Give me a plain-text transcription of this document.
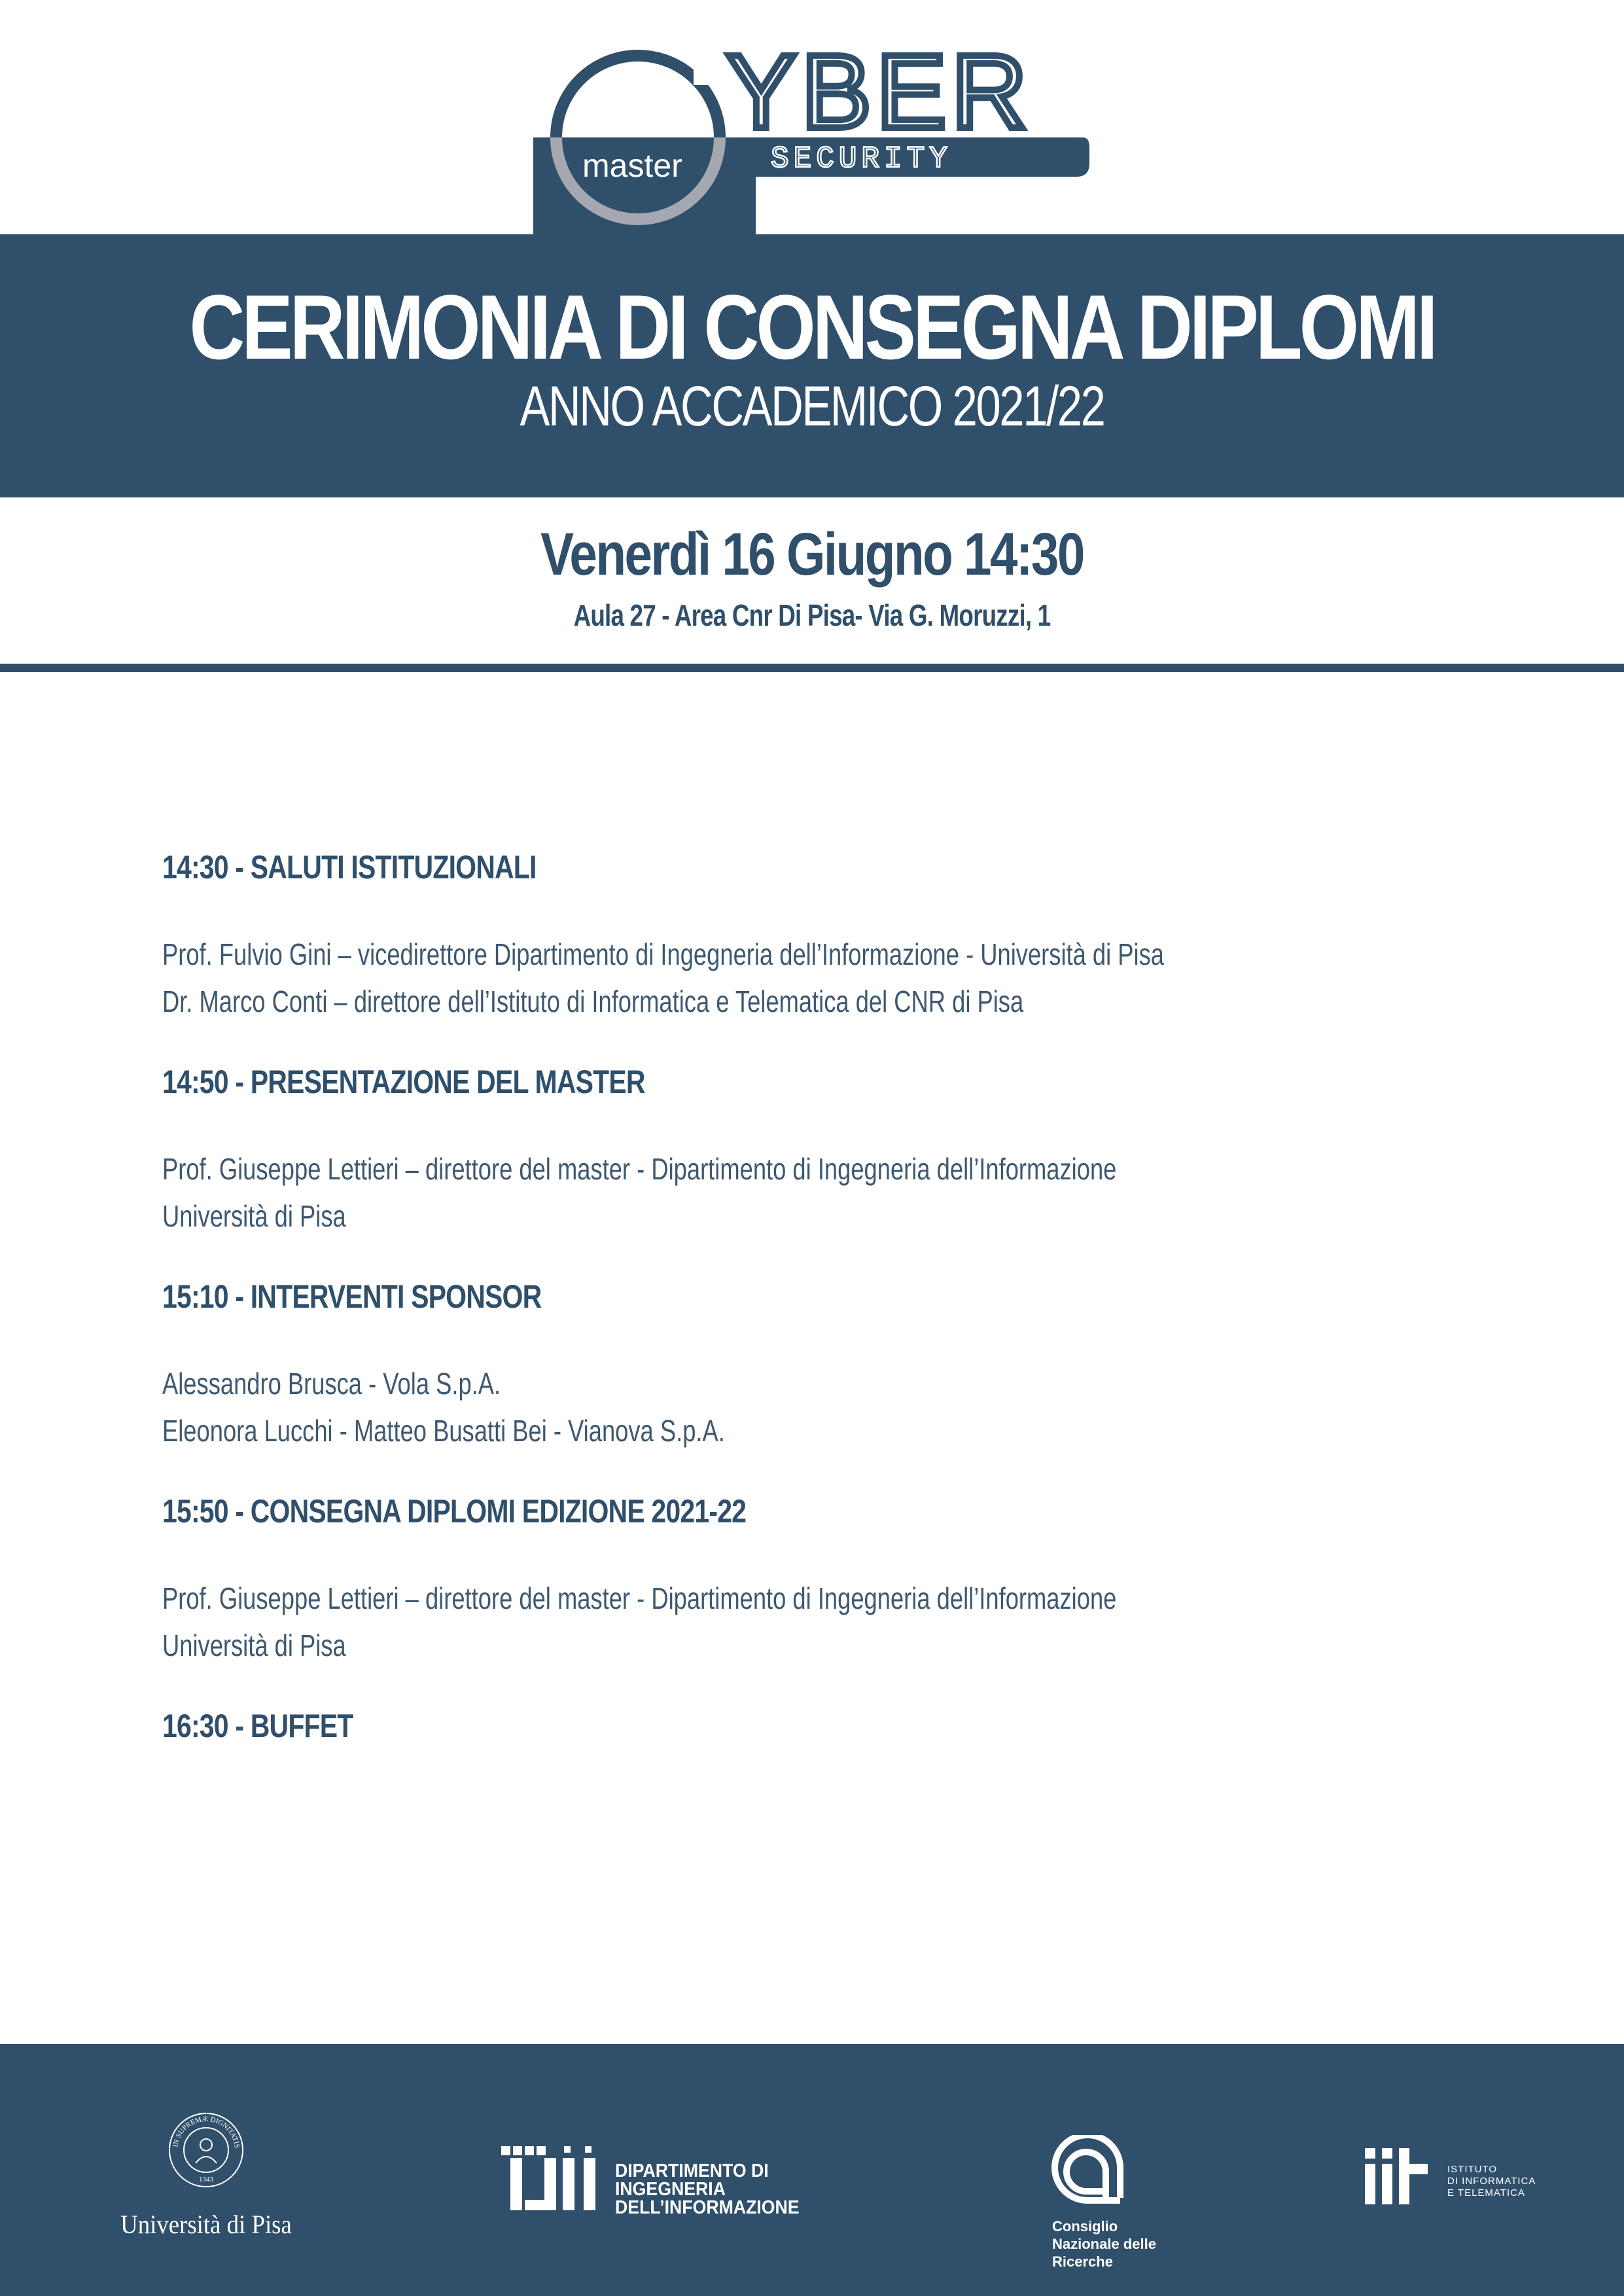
master
YBER
SECURITY
CERIMONIA DI CONSEGNA DIPLOMI
ANNO ACCADEMICO 2021/22
Venerdì 16 Giugno 14:30
Aula 27 - Area Cnr Di Pisa- Via G. Moruzzi, 1
14:30 - SALUTI ISTITUZIONALI
Prof. Fulvio Gini – vicedirettore Dipartimento di Ingegneria dell’Informazione - Università di Pisa
Dr. Marco Conti – direttore dell’Istituto di Informatica e Telematica del CNR di Pisa
14:50 - PRESENTAZIONE DEL MASTER
Prof. Giuseppe Lettieri – direttore del master - Dipartimento di Ingegneria dell’Informazione
Università di Pisa
15:10 - INTERVENTI SPONSOR
Alessandro Brusca - Vola S.p.A.
Eleonora Lucchi - Matteo Busatti Bei - Vianova S.p.A.
15:50 - CONSEGNA DIPLOMI EDIZIONE 2021-22
Prof. Giuseppe Lettieri – direttore del master - Dipartimento di Ingegneria dell’Informazione
Università di Pisa
16:30 - BUFFET
IN SUPREMÆ DIGNITATIS
1343
Università di Pisa
DIPARTIMENTO DI
INGEGNERIA
DELL’INFORMAZIONE
Consiglio
Nazionale delle
Ricerche
ISTITUTO
DI INFORMATICA
E TELEMATICA
